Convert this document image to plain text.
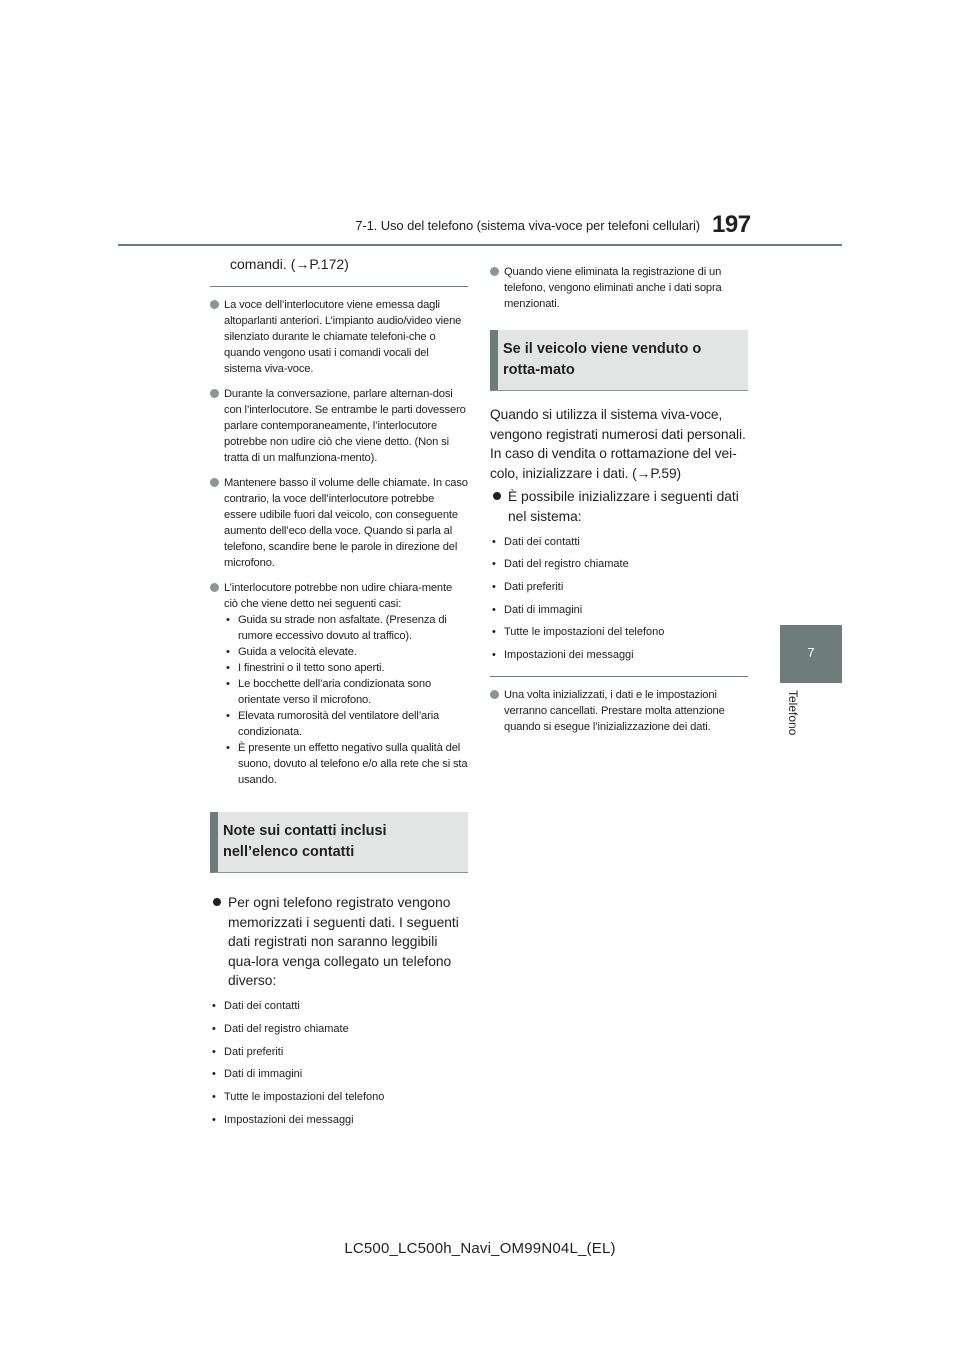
7-1. Uso del telefono (sistema viva-voce per telefoni cellulari) 197
7
Telefono
comandi. (→P.172)
La voce dell’interlocutore viene emessa dagli altoparlanti anteriori. L’impianto audio/video viene silenziato durante le chiamate telefoni-che o quando vengono usati i comandi vocali del sistema viva-voce.
Durante la conversazione, parlare alternan-dosi con l’interlocutore. Se entrambe le parti dovessero parlare contemporaneamente, l’interlocutore potrebbe non udire ciò che viene detto. (Non si tratta di un malfunziona-mento).
Mantenere basso il volume delle chiamate. In caso contrario, la voce dell’interlocutore potrebbe essere udibile fuori dal veicolo, con conseguente aumento dell’eco della voce. Quando si parla al telefono, scandire bene le parole in direzione del microfono.
L’interlocutore potrebbe non udire chiara-mente ciò che viene detto nei seguenti casi:
• Guida su strade non asfaltate. (Presenza di rumore eccessivo dovuto al traffico).
• Guida a velocità elevate.
• I finestrini o il tetto sono aperti.
• Le bocchette dell’aria condizionata sono orientate verso il microfono.
• Elevata rumorosità del ventilatore dell’aria condizionata.
• È presente un effetto negativo sulla qualità del suono, dovuto al telefono e/o alla rete che si sta usando.
Note sui contatti inclusi nell’elenco contatti
Per ogni telefono registrato vengono memorizzati i seguenti dati. I seguenti dati registrati non saranno leggibili qua-lora venga collegato un telefono diverso:
• Dati dei contatti
• Dati del registro chiamate
• Dati preferiti
• Dati di immagini
• Tutte le impostazioni del telefono
• Impostazioni dei messaggi
Quando viene eliminata la registrazione di un telefono, vengono eliminati anche i dati sopra menzionati.
Se il veicolo viene venduto o rotta-mato
Quando si utilizza il sistema viva-voce, vengono registrati numerosi dati personali. In caso di vendita o rottamazione del vei-colo, inizializzare i dati. (→P.59)
È possibile inizializzare i seguenti dati nel sistema:
• Dati dei contatti
• Dati del registro chiamate
• Dati preferiti
• Dati di immagini
• Tutte le impostazioni del telefono
• Impostazioni dei messaggi
Una volta inizializzati, i dati e le impostazioni verranno cancellati. Prestare molta attenzione quando si esegue l’inizializzazione dei dati.
LC500_LC500h_Navi_OM99N04L_(EL)
